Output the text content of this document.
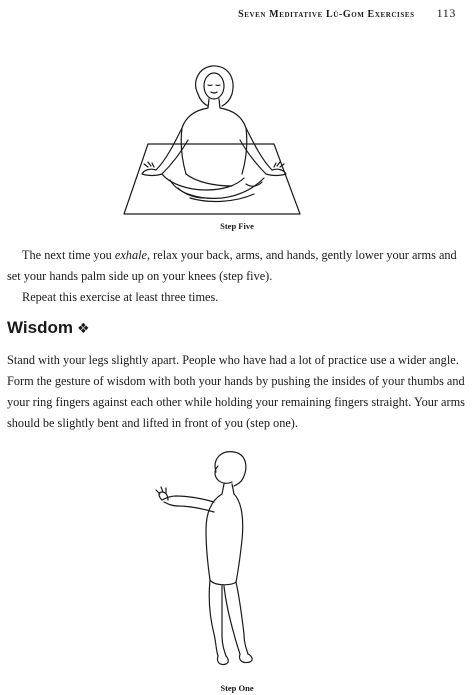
Seven Meditative Lü-Gom Exercises 113
Step Five

The next time you exhale, relax your back, arms, and hands, gently lower your arms and set your hands palm side up on your knees (step five).

Repeat this exercise at least three times.

Wisdom ❖

Stand with your legs slightly apart. People who have had a lot of practice use a wider angle. Form the gesture of wisdom with both your hands by pushing the insides of your thumbs and your ring fingers against each other while holding your remaining fingers straight. Your arms should be slightly bent and lifted in front of you (step one).

Step One
